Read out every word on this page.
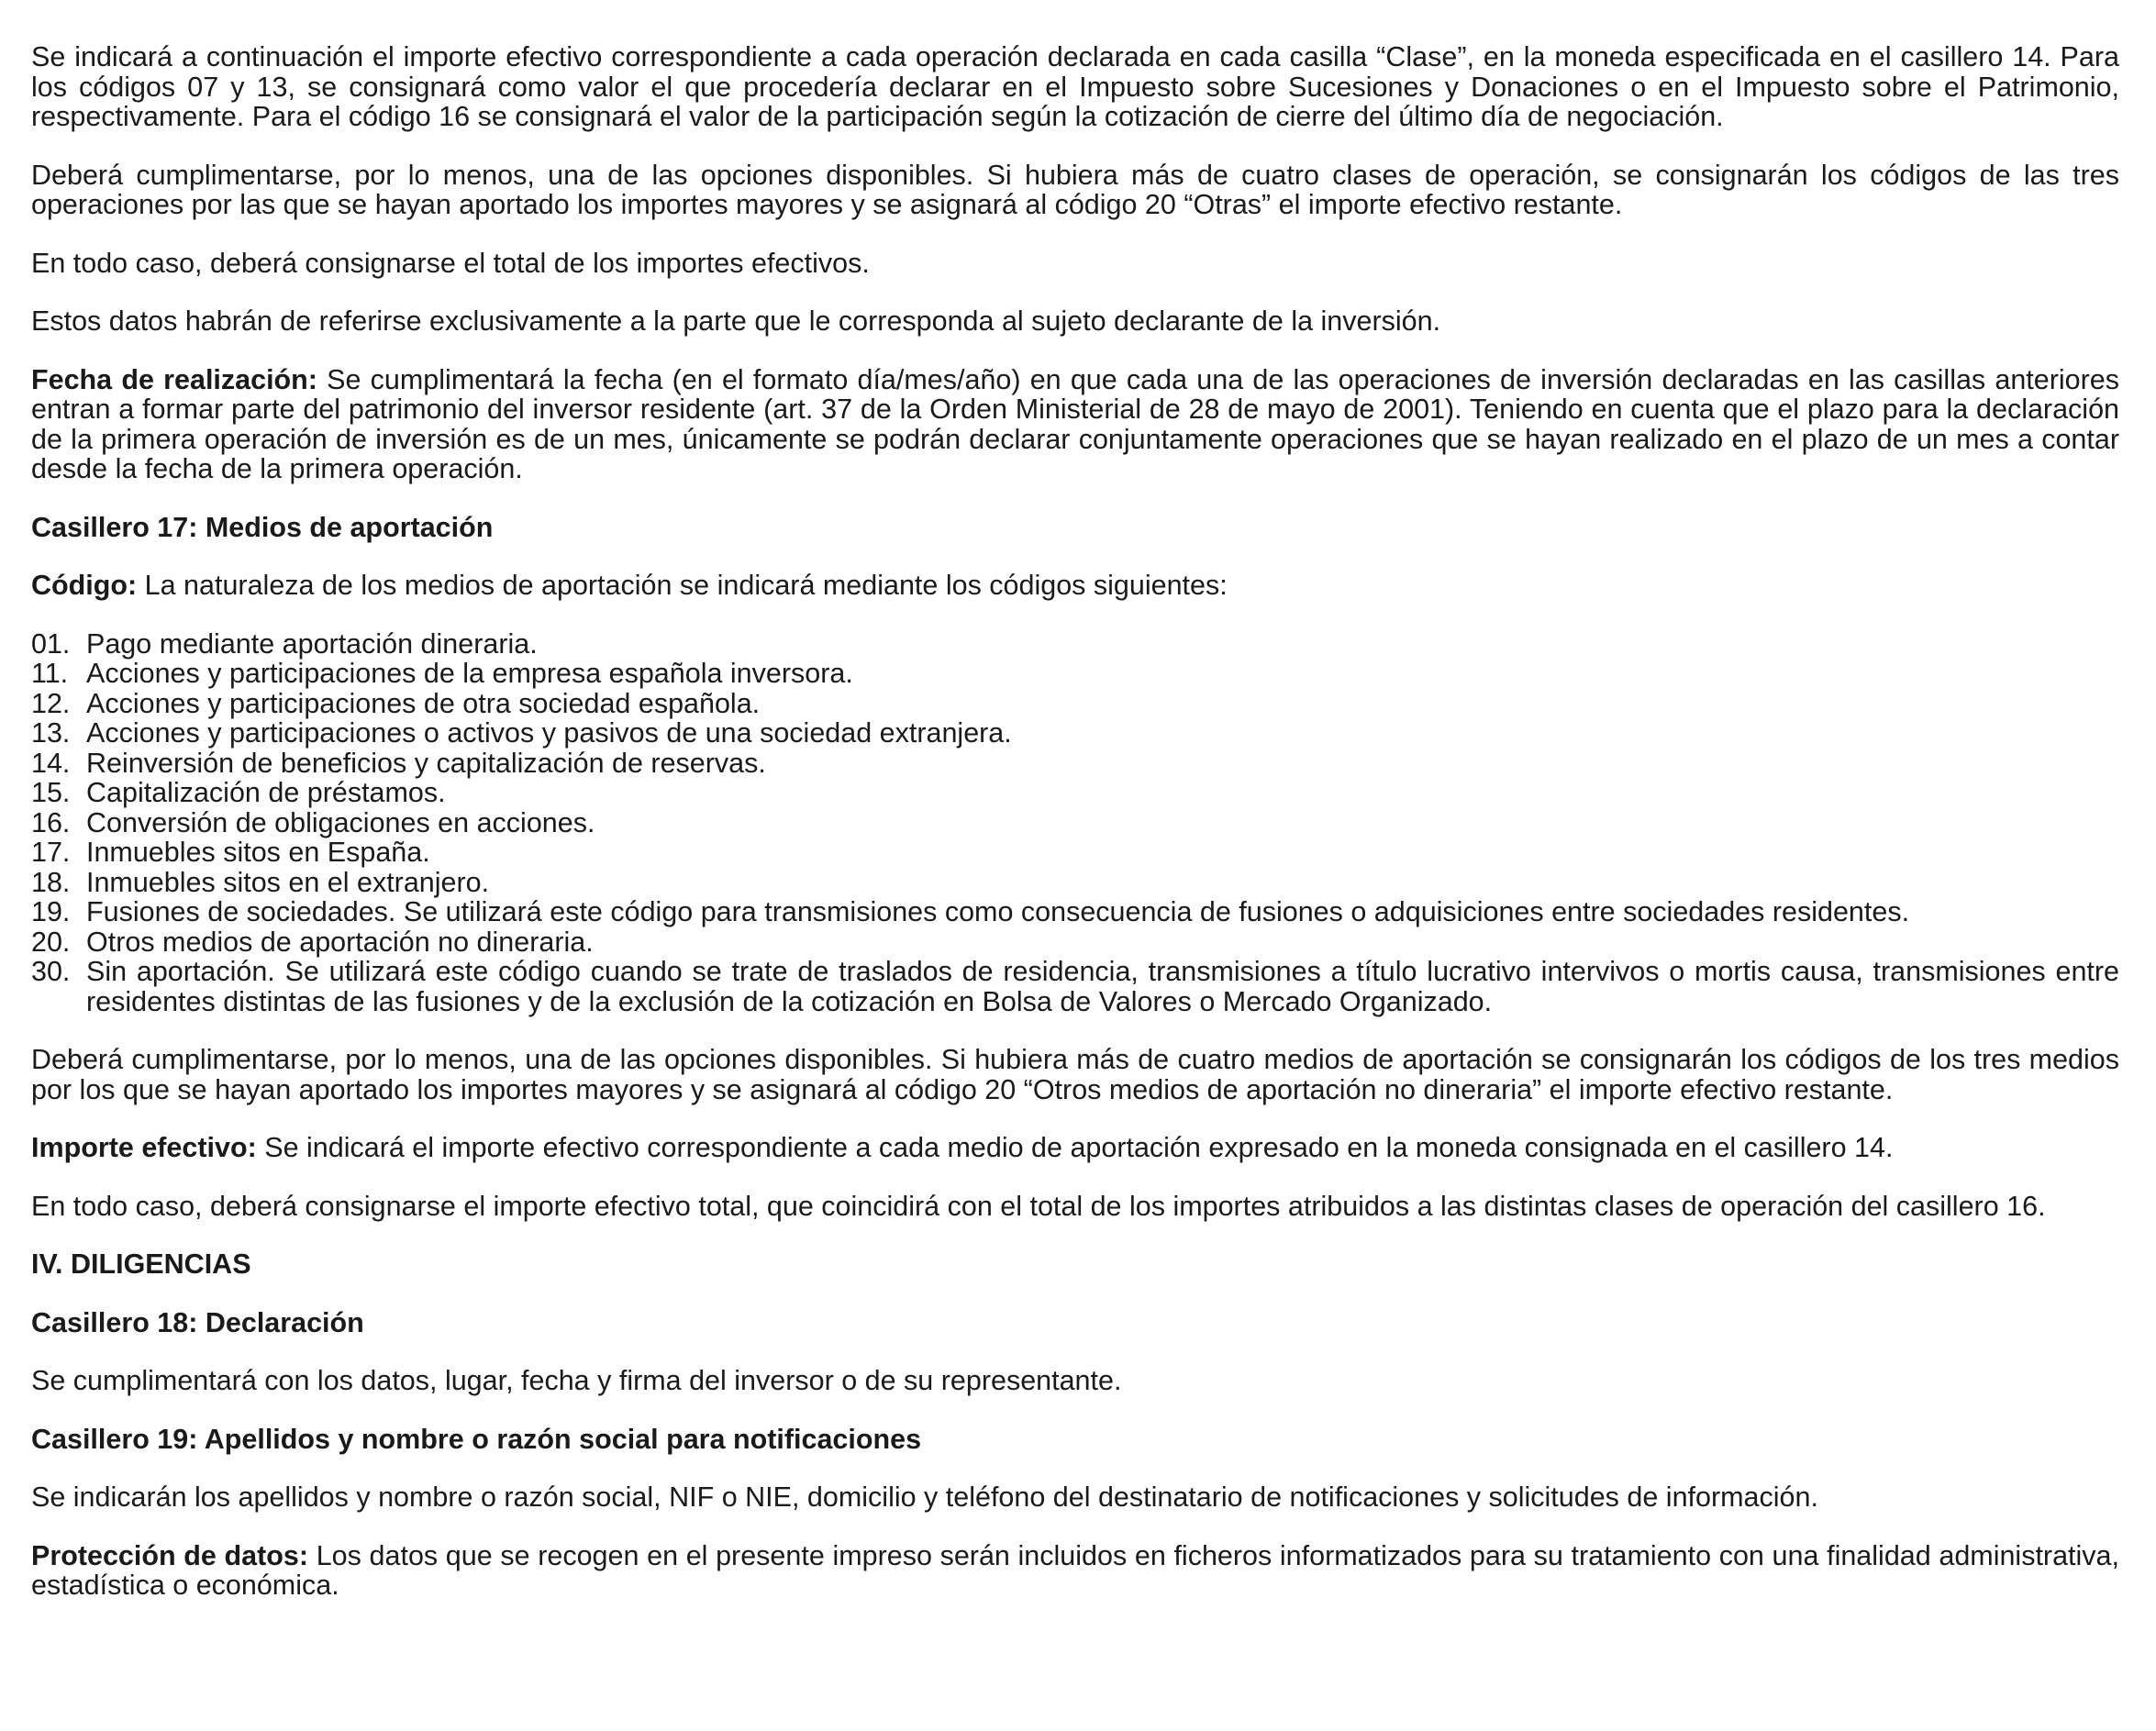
Se indicará a continuación el importe efectivo correspondiente a cada operación declarada en cada casilla “Clase”, en la moneda especificada en el casillero 14. Para los códigos 07 y 13, se consignará como valor el que procedería declarar en el Impuesto sobre Sucesiones y Donaciones o en el Impuesto sobre el Patrimonio, respectivamente. Para el código 16 se consignará el valor de la participación según la cotización de cierre del último día de negociación.

Deberá cumplimentarse, por lo menos, una de las opciones disponibles. Si hubiera más de cuatro clases de operación, se consignarán los códigos de las tres operaciones por las que se hayan aportado los importes mayores y se asignará al código 20 “Otras” el importe efectivo restante.

En todo caso, deberá consignarse el total de los importes efectivos.

Estos datos habrán de referirse exclusivamente a la parte que le corresponda al sujeto declarante de la inversión.

Fecha de realización: Se cumplimentará la fecha (en el formato día/mes/año) en que cada una de las operaciones de inversión declaradas en las casillas anteriores entran a formar parte del patrimonio del inversor residente (art. 37 de la Orden Ministerial de 28 de mayo de 2001). Teniendo en cuenta que el plazo para la declaración de la primera operación de inversión es de un mes, únicamente se podrán declarar conjuntamente operaciones que se hayan realizado en el plazo de un mes a contar desde la fecha de la primera operación.

Casillero 17: Medios de aportación

Código: La naturaleza de los medios de aportación se indicará mediante los códigos siguientes:

01. Pago mediante aportación dineraria.
11. Acciones y participaciones de la empresa española inversora.
12. Acciones y participaciones de otra sociedad española.
13. Acciones y participaciones o activos y pasivos de una sociedad extranjera.
14. Reinversión de beneficios y capitalización de reservas.
15. Capitalización de préstamos.
16. Conversión de obligaciones en acciones.
17. Inmuebles sitos en España.
18. Inmuebles sitos en el extranjero.
19. Fusiones de sociedades. Se utilizará este código para transmisiones como consecuencia de fusiones o adquisiciones entre sociedades residentes.
20. Otros medios de aportación no dineraria.
30. Sin aportación. Se utilizará este código cuando se trate de traslados de residencia, transmisiones a título lucrativo intervivos o mortis causa, transmisiones entre residentes distintas de las fusiones y de la exclusión de la cotización en Bolsa de Valores o Mercado Organizado.

Deberá cumplimentarse, por lo menos, una de las opciones disponibles. Si hubiera más de cuatro medios de aportación se consignarán los códigos de los tres medios por los que se hayan aportado los importes mayores y se asignará al código 20 “Otros medios de aportación no dineraria” el importe efectivo restante.

Importe efectivo: Se indicará el importe efectivo correspondiente a cada medio de aportación expresado en la moneda consignada en el casillero 14.

En todo caso, deberá consignarse el importe efectivo total, que coincidirá con el total de los importes atribuidos a las distintas clases de operación del casillero 16.

IV. DILIGENCIAS
Casillero 18: Declaración

Se cumplimentará con los datos, lugar, fecha y firma del inversor o de su representante.

Casillero 19: Apellidos y nombre o razón social para notificaciones

Se indicarán los apellidos y nombre o razón social, NIF o NIE, domicilio y teléfono del destinatario de notificaciones y solicitudes de información.

Protección de datos: Los datos que se recogen en el presente impreso serán incluidos en ficheros informatizados para su tratamiento con una finalidad administrativa, estadística o económica.
